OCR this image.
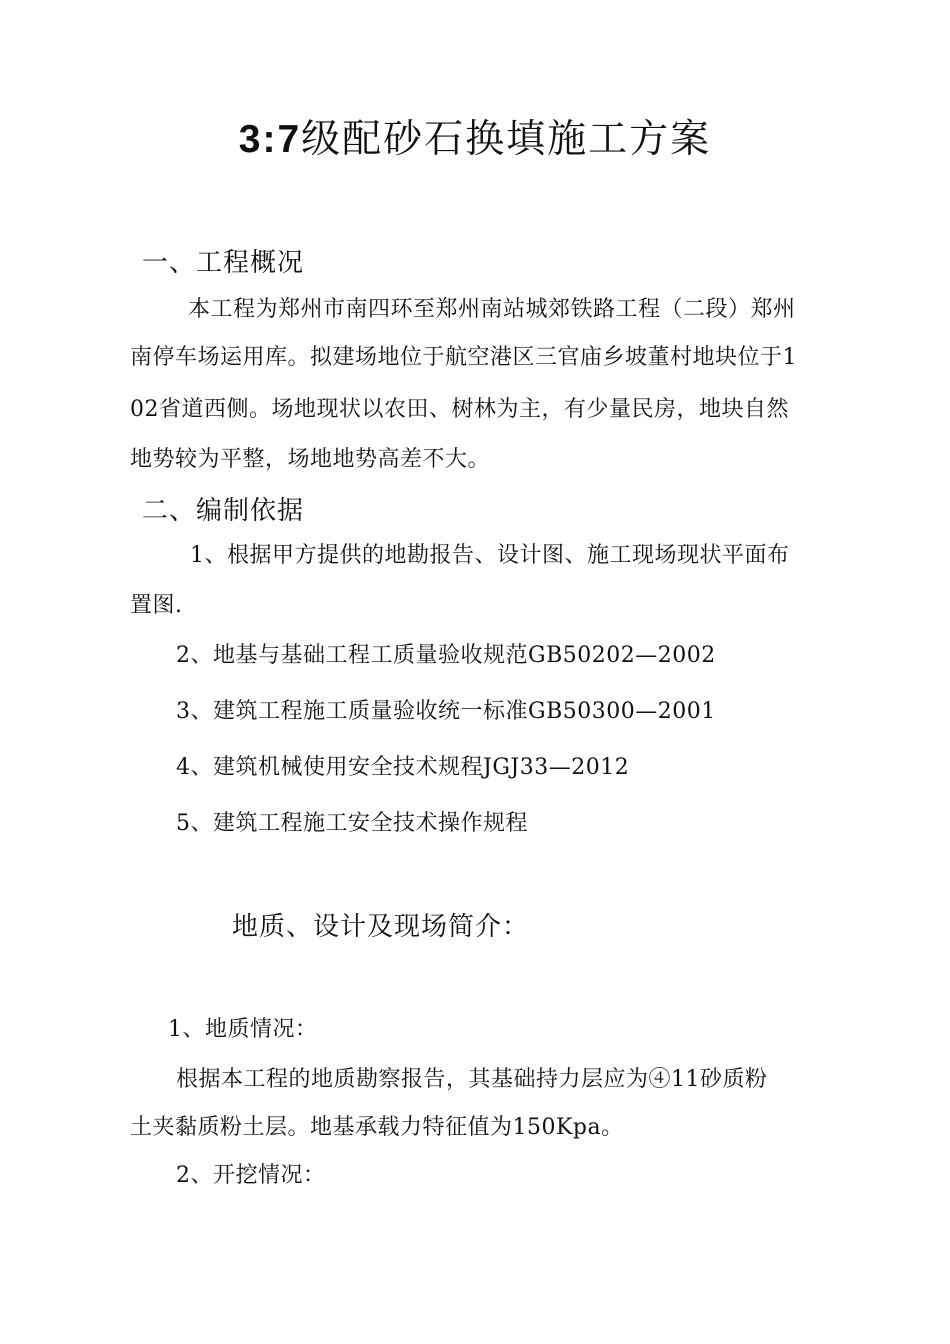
3:7级配砂石换填施工方案
一、工程概况
本工程为郑州市南四环至郑州南站城郊铁路工程（二段）郑州
南停车场运用库。拟建场地位于航空港区三官庙乡坡董村地块位于1
02省道西侧。场地现状以农田、树林为主，有少量民房，地块自然
地势较为平整，场地地势高差不大。
二、编制依据
1、根据甲方提供的地勘报告、设计图、施工现场现状平面布
置图.
2、地基与基础工程工质量验收规范GB50202—2002
3、建筑工程施工质量验收统一标准GB50300—2001
4、建筑机械使用安全技术规程JGJ33—2012
5、建筑工程施工安全技术操作规程
地质、设计及现场简介：
1、地质情况：
根据本工程的地质勘察报告，其基础持力层应为④11砂质粉
土夹黏质粉土层。地基承载力特征值为150Kpa。
2、开挖情况：
